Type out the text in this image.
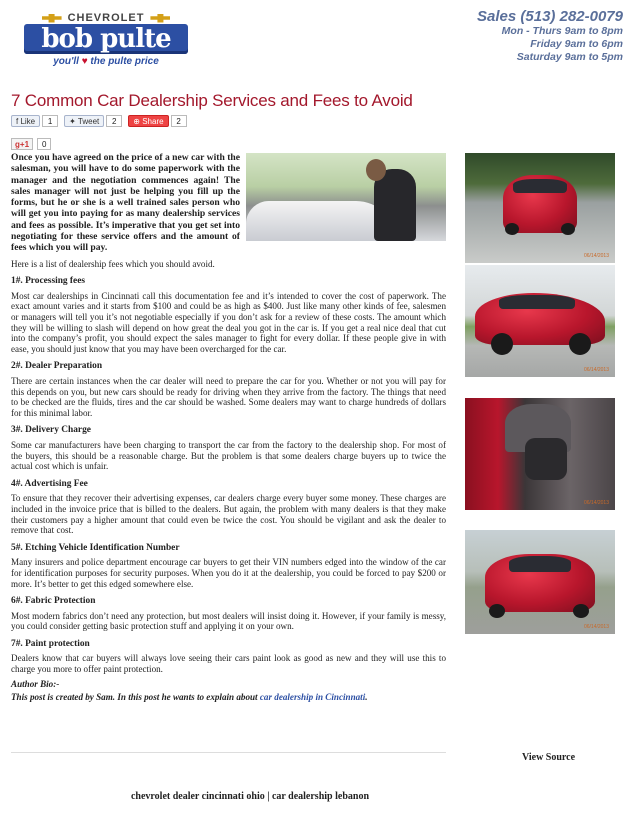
CHEVROLET
bob pulte
you'll ♥ the pulte price
Sales (513) 282-0079
Mon - Thurs 9am to 8pm
Friday 9am to 6pm
Saturday 9am to 5pm
7 Common Car Dealership Services and Fees to Avoid
f Like	1	✦ Tweet	2	⊕ Share	2
g+1	0

Once you have agreed on the price of a new car with the salesman, you will have to do some paperwork with the manager and the negotiation commences again! The sales manager will not just be helping you fill up the forms, but he or she is a well trained sales person who will get you into paying for as many dealership services and fees as possible. It’s imperative that you get set into negotiating for these service offers and the amount of fees which you will pay.

Here is a list of dealership fees which you should avoid.

1#. Processing fees

Most car dealerships in Cincinnati call this documentation fee and it’s intended to cover the cost of paperwork. The exact amount varies and it starts from $100 and could be as high as $400. Just like many other kinds of fee, salesmen or managers will tell you it’s not negotiable especially if you don’t ask for a review of these costs. The amount which they will be willing to slash will depend on how great the deal you got in the car is. If you get a real nice deal that cut into the company’s profit, you should expect the sales manager to fight for every dollar. If these people give in with ease, you should just know that you may have been overcharged for the car.

2#. Dealer Preparation

There are certain instances when the car dealer will need to prepare the car for you. Whether or not you will pay for this depends on you, but new cars should be ready for driving when they arrive from the factory. The things that need to be checked are the fluids, tires and the car should be washed. Some dealers may want to charge hundreds of dollars for this minimal labor.

3#. Delivery Charge

Some car manufacturers have been charging to transport the car from the factory to the dealership shop. For most of the buyers, this should be a reasonable charge. But the problem is that some dealers charge buyers up to twice the actual cost which is unfair.

4#. Advertising Fee

To ensure that they recover their advertising expenses, car dealers charge every buyer some money. These charges are included in the invoice price that is billed to the dealers. But again, the problem with many dealers is that they make their customers pay a higher amount that could even be twice the cost. You should be vigilant and ask the dealer to remove that cost.

5#. Etching Vehicle Identification Number

Many insurers and police department encourage car buyers to get their VIN numbers edged into the window of the car for identification purposes for security purposes. When you do it at the dealership, you could be forced to pay $200 or more. It’s better to get this edged somewhere else.

6#. Fabric Protection

Most modern fabrics don’t need any protection, but most dealers will insist doing it. However, if your family is messy, you could consider getting basic protection stuff and applying it on your own.

7#. Paint protection

Dealers know that car buyers will always love seeing their cars paint look as good as new and they will use this to charge you more to offer paint protection.

Author Bio:-

This post is created by Sam. In this post he wants to explain about car dealership in Cincinnati.

06/14/2013
06/14/2013
06/14/2013
06/14/2013
View Source
chevrolet dealer cincinnati ohio | car dealership lebanon
